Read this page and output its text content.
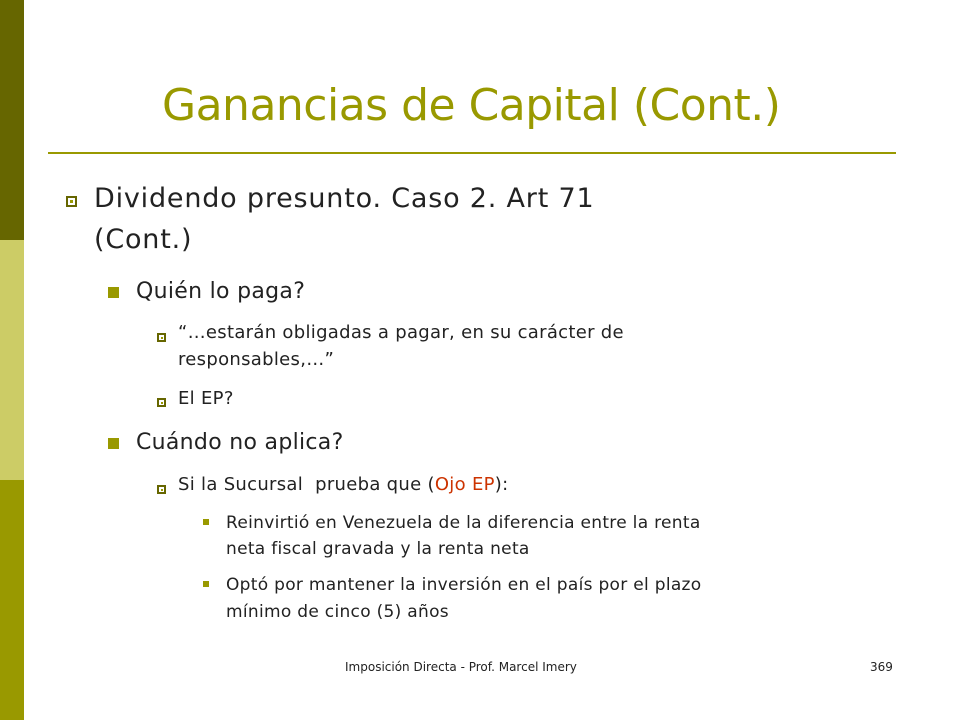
Ganancias de Capital (Cont.)
Dividendo presunto. Caso 2. Art 71
(Cont.)
Quién lo paga?
“…estarán obligadas a pagar, en su carácter de
responsables,…”
El EP?
Cuándo no aplica?
Si la Sucursal  prueba que (Ojo EP):
Reinvirtió en Venezuela de la diferencia entre la renta
neta fiscal gravada y la renta neta
Optó por mantener la inversión en el país por el plazo
mínimo de cinco (5) años
Imposición Directa - Prof. Marcel Imery	369
